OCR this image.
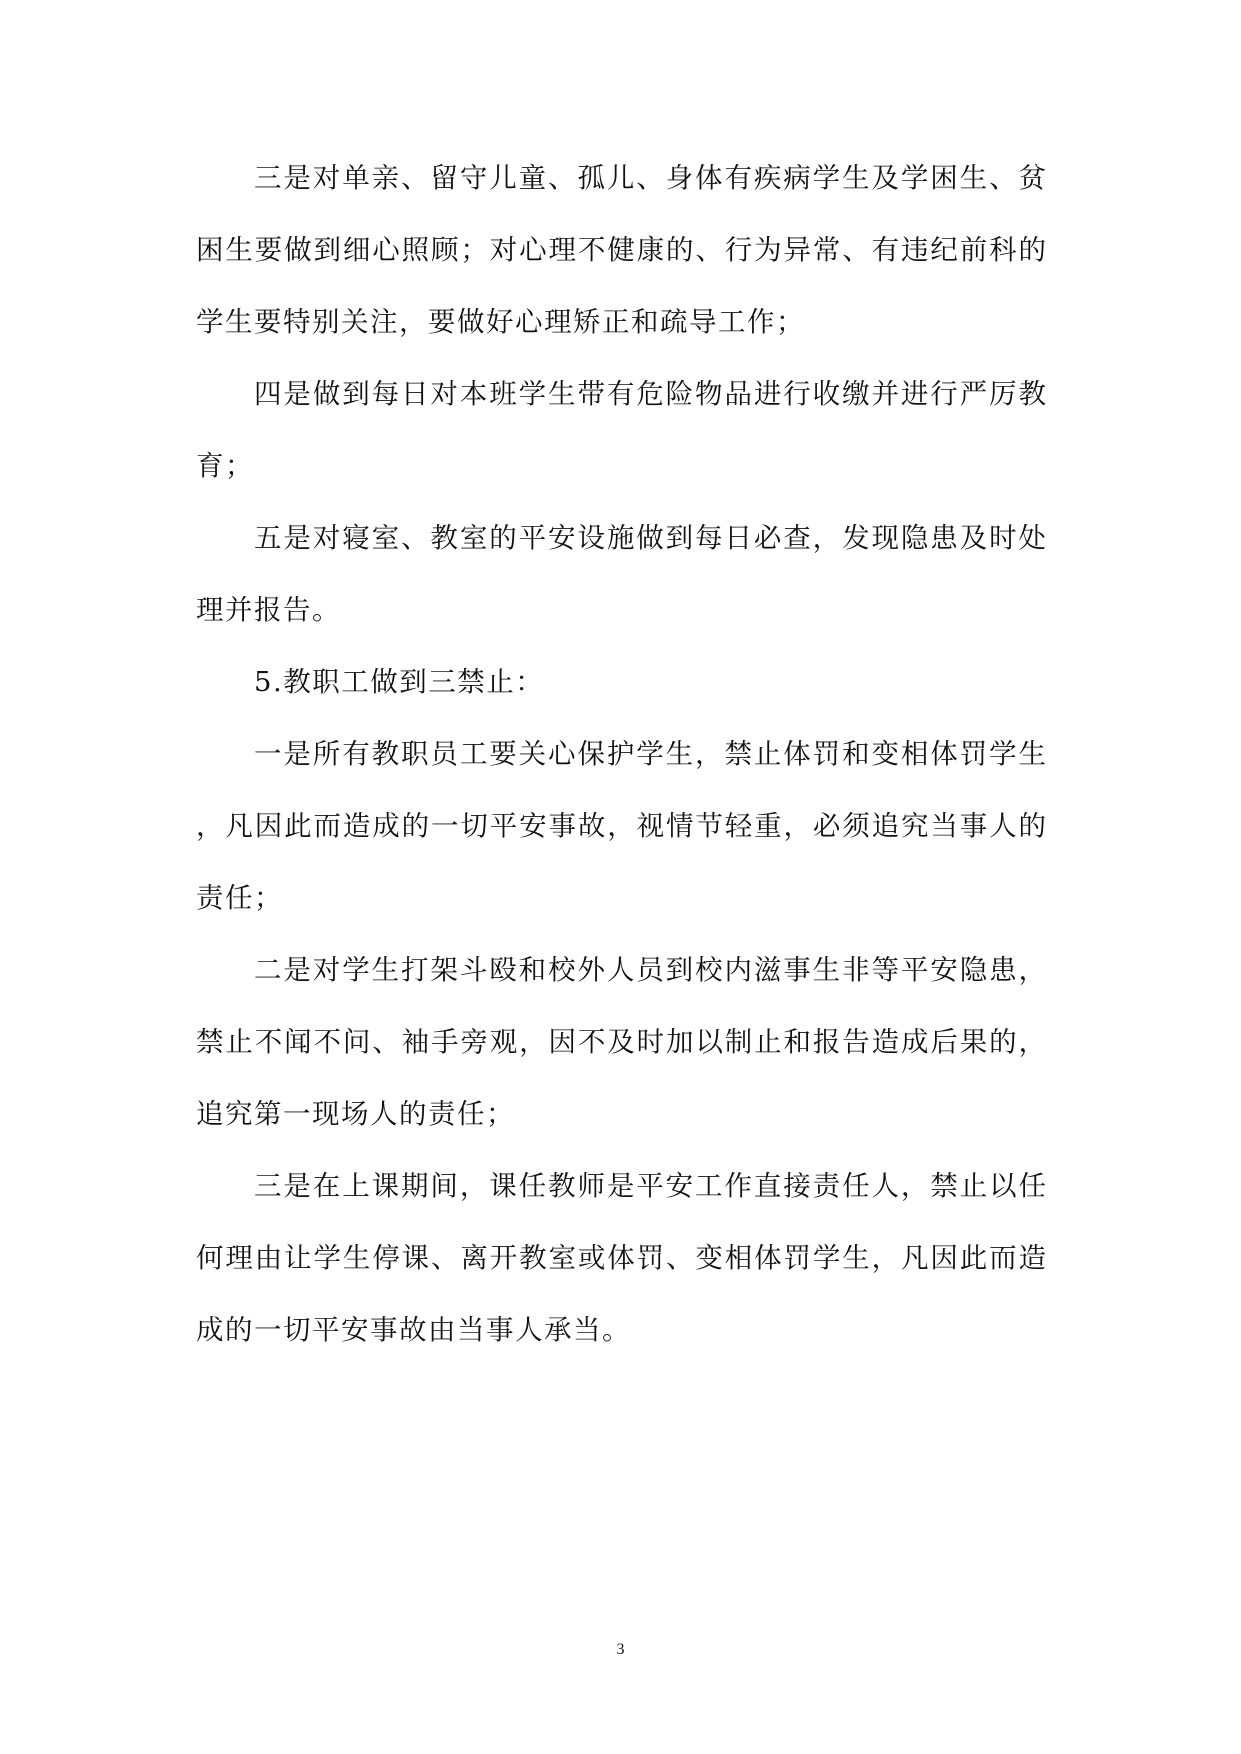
三是对单亲、留守儿童、孤儿、身体有疾病学生及学困生、贫
困生要做到细心照顾；对心理不健康的、行为异常、有违纪前科的
学生要特别关注，要做好心理矫正和疏导工作；
四是做到每日对本班学生带有危险物品进行收缴并进行严厉教
育；
五是对寝室、教室的平安设施做到每日必查，发现隐患及时处
理并报告。
5.教职工做到三禁止：
一是所有教职员工要关心保护学生，禁止体罚和变相体罚学生
，凡因此而造成的一切平安事故，视情节轻重，必须追究当事人的
责任；
二是对学生打架斗殴和校外人员到校内滋事生非等平安隐患，
禁止不闻不问、袖手旁观，因不及时加以制止和报告造成后果的，
追究第一现场人的责任；
三是在上课期间，课任教师是平安工作直接责任人，禁止以任
何理由让学生停课、离开教室或体罚、变相体罚学生，凡因此而造
成的一切平安事故由当事人承当。
3
